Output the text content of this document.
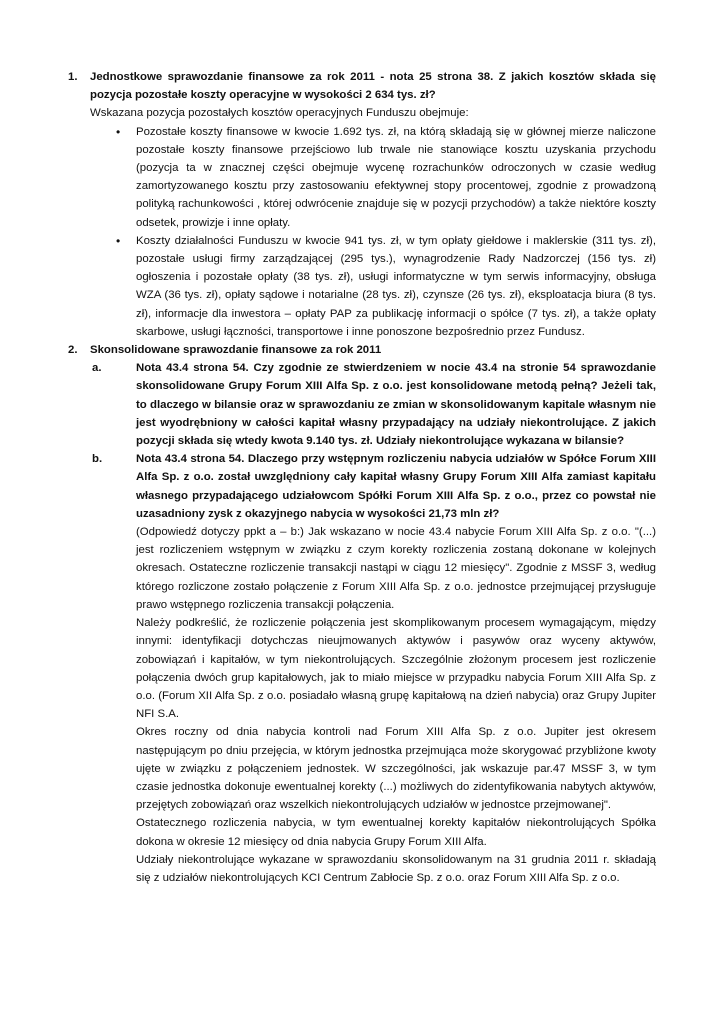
1. Jednostkowe sprawozdanie finansowe za rok 2011 - nota 25 strona 38. Z jakich kosztów składa się pozycja pozostałe koszty operacyjne w wysokości 2 634 tys. zł?
Wskazana pozycja pozostałych kosztów operacyjnych Funduszu obejmuje:
• Pozostałe koszty finansowe w kwocie 1.692 tys. zł, na którą składają się w głównej mierze naliczone pozostałe koszty finansowe przejściowo lub trwale nie stanowiące kosztu uzyskania przychodu (pozycja ta w znacznej części obejmuje wycenę rozrachunków odroczonych w czasie według zamortyzowanego kosztu przy zastosowaniu efektywnej stopy procentowej, zgodnie z prowadzoną polityką rachunkowości , której odwrócenie znajduje się w pozycji przychodów) a także niektóre koszty odsetek, prowizje i inne opłaty.
• Koszty działalności Funduszu w kwocie 941 tys. zł, w tym opłaty giełdowe i maklerskie (311 tys. zł), pozostałe usługi firmy zarządzającej (295 tys.), wynagrodzenie Rady Nadzorczej (156 tys. zł) ogłoszenia i pozostałe opłaty (38 tys. zł), usługi informatyczne w tym serwis informacyjny, obsługa WZA (36 tys. zł), opłaty sądowe i notarialne (28 tys. zł), czynsze (26 tys. zł), eksploatacja biura (8 tys. zł), informacje dla inwestora – opłaty PAP za publikację informacji o spółce (7 tys. zł), a także opłaty skarbowe, usługi łączności, transportowe i inne ponoszone bezpośrednio przez Fundusz.
2. Skonsolidowane sprawozdanie finansowe za rok 2011
a.	Nota 43.4 strona 54. Czy zgodnie ze stwierdzeniem w nocie 43.4 na stronie 54 sprawozdanie skonsolidowane Grupy Forum XIII Alfa Sp. z o.o. jest konsolidowane metodą pełną? Jeżeli tak, to dlaczego w bilansie oraz w sprawozdaniu ze zmian w skonsolidowanym kapitale własnym nie jest wyodrębniony w całości kapitał własny przypadający na udziały niekontrolujące. Z jakich pozycji składa się wtedy kwota 9.140 tys. zł. Udziały niekontrolujące wykazana w bilansie?
b.	Nota 43.4 strona 54. Dlaczego przy wstępnym rozliczeniu nabycia udziałów w Spółce Forum XIII Alfa Sp. z o.o. został uwzględniony cały kapitał własny Grupy Forum XIII Alfa zamiast kapitału własnego przypadającego udziałowcom Spółki Forum XIII Alfa Sp. z o.o., przez co powstał nie uzasadniony zysk z okazyjnego nabycia w wysokości 21,73 mln zł?
(Odpowiedź dotyczy ppkt a – b:) Jak wskazano w nocie 43.4 nabycie Forum XIII Alfa Sp. z o.o. "(...) jest rozliczeniem wstępnym w związku z czym korekty rozliczenia zostaną dokonane w kolejnych okresach. Ostateczne rozliczenie transakcji nastąpi w ciągu 12 miesięcy". Zgodnie z MSSF 3, według którego rozliczone zostało połączenie z Forum XIII Alfa Sp. z o.o. jednostce przejmującej przysługuje prawo wstępnego rozliczenia transakcji połączenia.
Należy podkreślić, że rozliczenie połączenia jest skomplikowanym procesem wymagającym, między innymi: identyfikacji dotychczas nieujmowanych aktywów i pasywów oraz wyceny aktywów, zobowiązań i kapitałów, w tym niekontrolujących. Szczególnie złożonym procesem jest rozliczenie połączenia dwóch grup kapitałowych, jak to miało miejsce w przypadku nabycia Forum XIII Alfa Sp. z o.o. (Forum XII Alfa Sp. z o.o. posiadało własną grupę kapitałową na dzień nabycia) oraz Grupy Jupiter NFI S.A.
Okres roczny od dnia nabycia kontroli nad Forum XIII Alfa Sp. z o.o. Jupiter jest okresem następującym po dniu przejęcia, w którym jednostka przejmująca może skorygować przybliżone kwoty ujęte w związku z połączeniem jednostek. W szczególności, jak wskazuje par.47 MSSF 3, w tym czasie jednostka dokonuje ewentualnej korekty (...) możliwych do zidentyfikowania nabytych aktywów, przejętych zobowiązań oraz wszelkich niekontrolujących udziałów w jednostce przejmowanej".
Ostatecznego rozliczenia nabycia, w tym ewentualnej korekty kapitałów niekontrolujących Spółka dokona w okresie 12 miesięcy od dnia nabycia Grupy Forum XIII Alfa.
Udziały niekontrolujące wykazane w sprawozdaniu skonsolidowanym na 31 grudnia 2011 r. składają się z udziałów niekontrolujących KCI Centrum Zabłocie Sp. z o.o. oraz Forum XIII Alfa Sp. z o.o.
